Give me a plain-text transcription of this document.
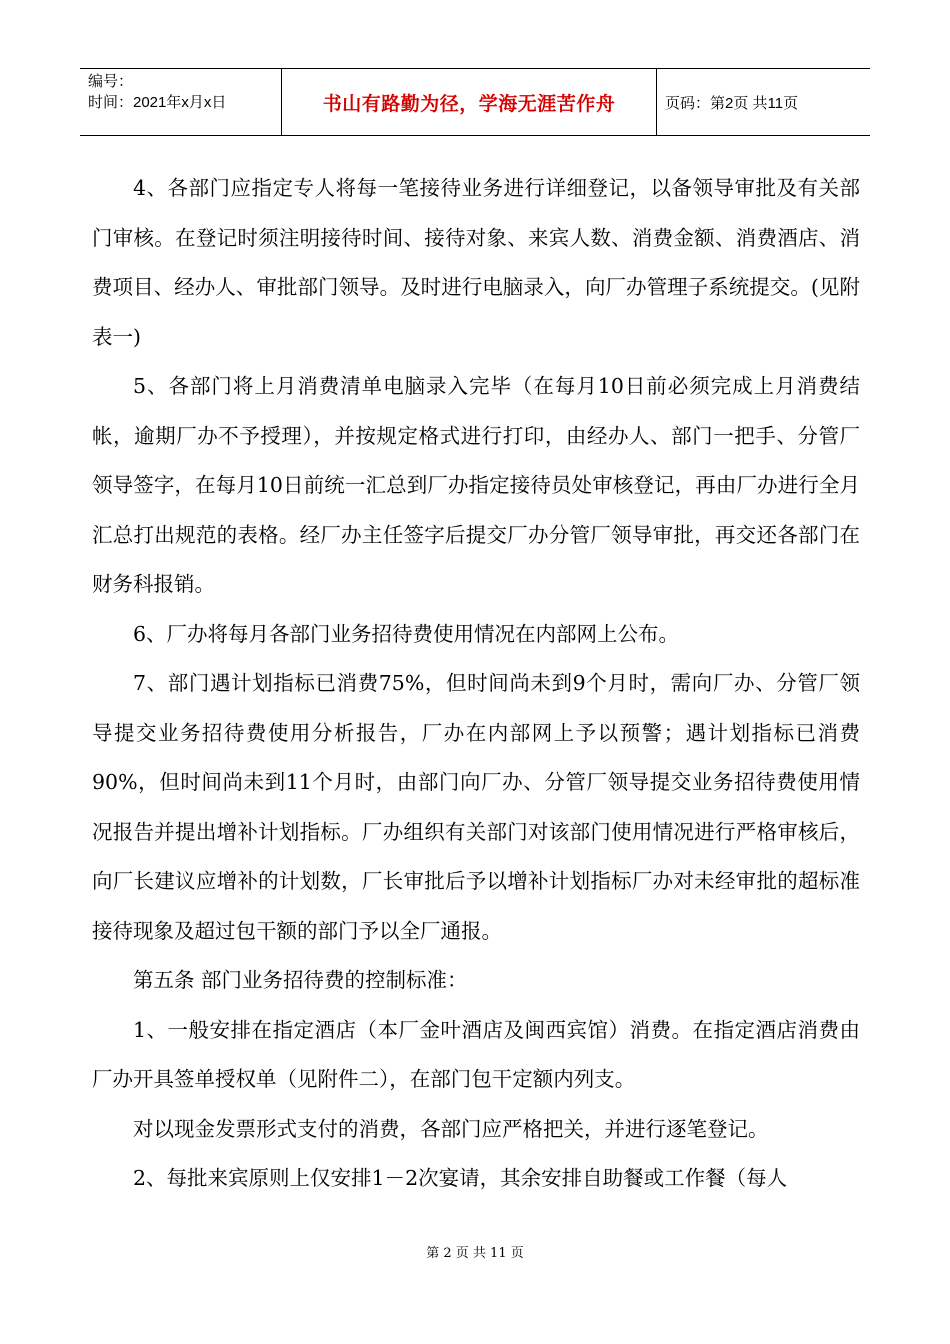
编号：
时间：2021年x月x日	书山有路勤为径，学海无涯苦作舟	页码：第2页 共11页

4、各部门应指定专人将每一笔接待业务进行详细登记，以备领导审批及有关部门审核。在登记时须注明接待时间、接待对象、来宾人数、消费金额、消费酒店、消费项目、经办人、审批部门领导。及时进行电脑录入，向厂办管理子系统提交。(见附表一)

5、各部门将上月消费清单电脑录入完毕（在每月10日前必须完成上月消费结帐，逾期厂办不予授理），并按规定格式进行打印，由经办人、部门一把手、分管厂领导签字，在每月10日前统一汇总到厂办指定接待员处审核登记，再由厂办进行全月汇总打出规范的表格。经厂办主任签字后提交厂办分管厂领导审批，再交还各部门在财务科报销。

6、厂办将每月各部门业务招待费使用情况在内部网上公布。

7、部门遇计划指标已消费75%，但时间尚未到9个月时，需向厂办、分管厂领导提交业务招待费使用分析报告，厂办在内部网上予以预警；遇计划指标已消费90%，但时间尚未到11个月时，由部门向厂办、分管厂领导提交业务招待费使用情况报告并提出增补计划指标。厂办组织有关部门对该部门使用情况进行严格审核后，向厂长建议应增补的计划数，厂长审批后予以增补计划指标厂办对未经审批的超标准接待现象及超过包干额的部门予以全厂通报。

第五条 部门业务招待费的控制标准：

1、一般安排在指定酒店（本厂金叶酒店及闽西宾馆）消费。在指定酒店消费由厂办开具签单授权单（见附件二），在部门包干定额内列支。

对以现金发票形式支付的消费，各部门应严格把关，并进行逐笔登记。

2、每批来宾原则上仅安排1－2次宴请，其余安排自助餐或工作餐（每人

第 2 页 共 11 页
